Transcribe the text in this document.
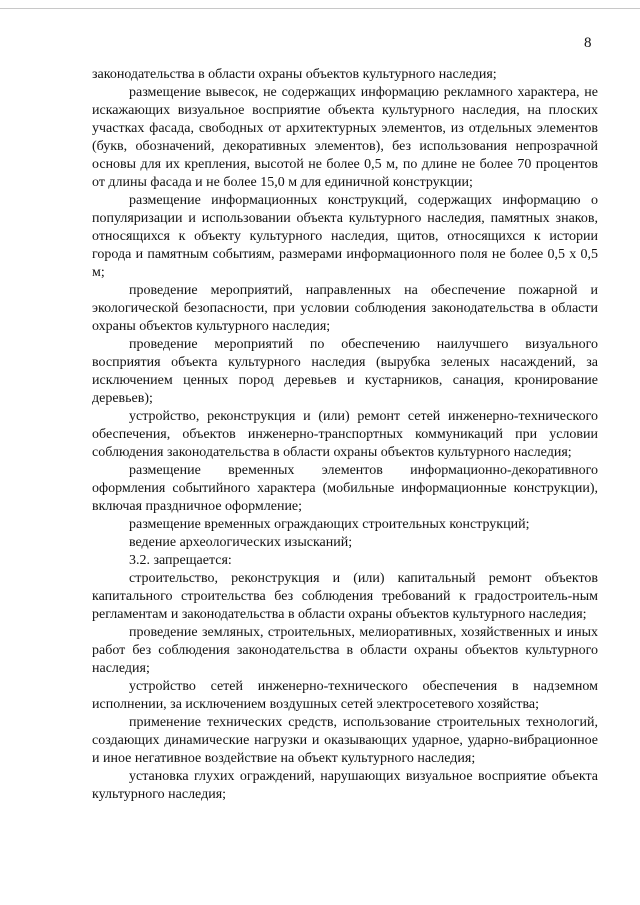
8

законодательства в области охраны объектов культурного наследия;

размещение вывесок, не содержащих информацию рекламного характера, не искажающих визуальное восприятие объекта культурного наследия, на плоских участках фасада, свободных от архитектурных элементов, из отдельных элементов (букв, обозначений, декоративных элементов), без использования непрозрачной основы для их крепления, высотой не более 0,5 м, по длине не более 70 процентов от длины фасада и не более 15,0 м для единичной конструкции;

размещение информационных конструкций, содержащих информацию о популяризации и использовании объекта культурного наследия, памятных знаков, относящихся к объекту культурного наследия, щитов, относящихся к истории города и памятным событиям, размерами информационного поля не более 0,5 х 0,5 м;

проведение мероприятий, направленных на обеспечение пожарной и экологической безопасности, при условии соблюдения законодательства в области охраны объектов культурного наследия;

проведение мероприятий по обеспечению наилучшего визуального восприятия объекта культурного наследия (вырубка зеленых насаждений, за исключением ценных пород деревьев и кустарников, санация, кронирование деревьев);

устройство, реконструкция и (или) ремонт сетей инженерно-технического обеспечения, объектов инженерно-транспортных коммуникаций при условии соблюдения законодательства в области охраны объектов культурного наследия;

размещение временных элементов информационно-декоративного оформления событийного характера (мобильные информационные конструкции), включая праздничное оформление;

размещение временных ограждающих строительных конструкций;

ведение археологических изысканий;

3.2. запрещается:

строительство, реконструкция и (или) капитальный ремонт объектов капитального строительства без соблюдения требований к градостроитель-ным регламентам и законодательства в области охраны объектов культурного наследия;

проведение земляных, строительных, мелиоративных, хозяйственных и иных работ без соблюдения законодательства в области охраны объектов культурного наследия;

устройство сетей инженерно-технического обеспечения в надземном исполнении, за исключением воздушных сетей электросетевого хозяйства;

применение технических средств, использование строительных технологий, создающих динамические нагрузки и оказывающих ударное, ударно-вибрационное и иное негативное воздействие на объект культурного наследия;

установка глухих ограждений, нарушающих визуальное восприятие объекта культурного наследия;
